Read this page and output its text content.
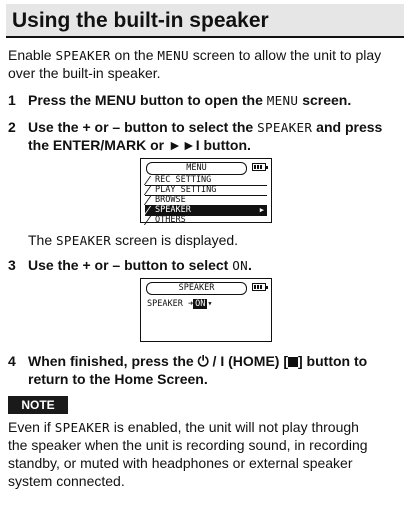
Using the built-in speaker
Enable SPEAKER on the MENU screen to allow the unit to play
over the built-in speaker.
1 Press the MENU button to open the MENU screen.
2 Use the + or – button to select the SPEAKER and press
the ENTER/MARK or ►►I button.
MENU
REC SETTING
PLAY SETTING
BROWSE
SPEAKER	▶
OTHERS
The SPEAKER screen is displayed.
3 Use the + or – button to select ON.
SPEAKER
SPEAKER ➜ ON ▾
4 When finished, press the ⏻ / I (HOME) [ ] button to
return to the Home Screen.
NOTE
Even if SPEAKER is enabled, the unit will not play through
the speaker when the unit is recording sound, in recording
standby, or muted with headphones or external speaker
system connected.
